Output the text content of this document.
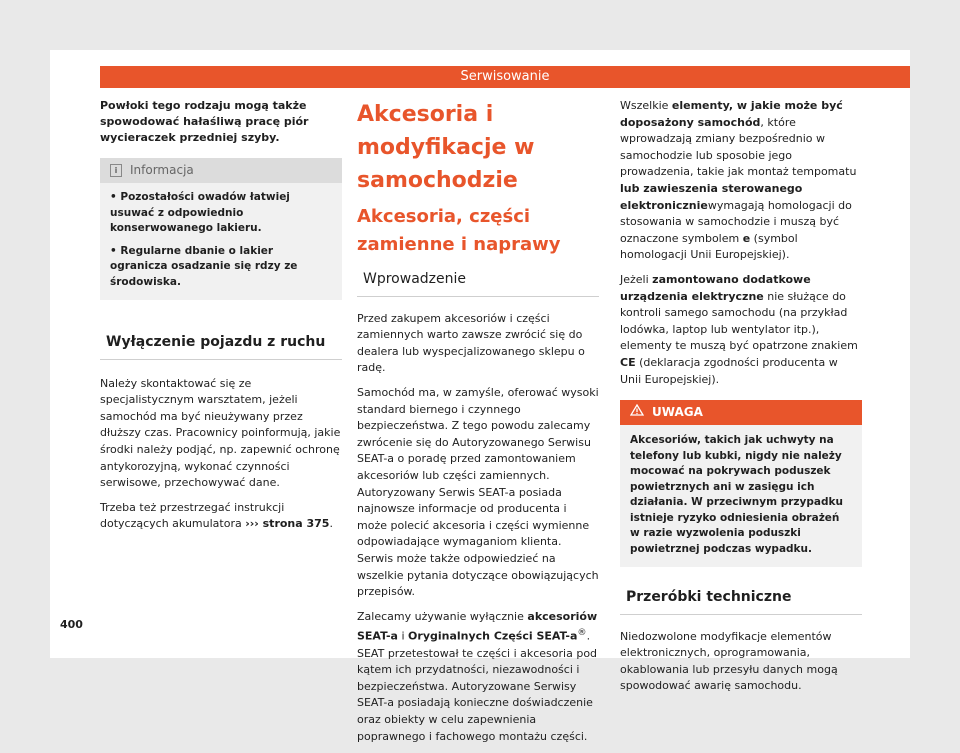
Serwisowanie

Powłoki tego rodzaju mogą także spowodować hałaśliwą pracę piór wycieraczek przedniej szyby.

i	Informacja
• Pozostałości owadów łatwiej usuwać z odpowiednio konserwowanego lakieru.
• Regularne dbanie o lakier ogranicza osadzanie się rdzy ze środowiska.
Wyłączenie pojazdu z ruchu

Należy skontaktować się ze specjalistycznym warsztatem, jeżeli samochód ma być nieużywany przez dłuższy czas. Pracownicy poinformują, jakie środki należy podjąć, np. zapewnić ochronę antykorozyjną, wykonać czynności serwisowe, przechowywać dane.

Trzeba też przestrzegać instrukcji dotyczących akumulatora ››› strona 375.

Akcesoria i modyfikacje w samochodzie
Akcesoria, części zamienne i naprawy
Wprowadzenie

Przed zakupem akcesoriów i części zamiennych warto zawsze zwrócić się do dealera lub wyspecjalizowanego sklepu o radę.

Samochód ma, w zamyśle, oferować wysoki standard biernego i czynnego bezpieczeństwa. Z tego powodu zalecamy zwrócenie się do Autoryzowanego Serwisu SEAT-a o poradę przed zamontowaniem akcesoriów lub części zamiennych. Autoryzowany Serwis SEAT-a posiada najnowsze informacje od producenta i może polecić akcesoria i części wymienne odpowiadające wymaganiom klienta. Serwis może także odpowiedzieć na wszelkie pytania dotyczące obowiązujących przepisów.

Zalecamy używanie wyłącznie akcesoriów SEAT-a i Oryginalnych Części SEAT-a®. SEAT przetestował te części i akcesoria pod kątem ich przydatności, niezawodności i bezpieczeństwa. Autoryzowane Serwisy SEAT-a posiadają konieczne doświadczenie oraz obiekty w celu zapewnienia poprawnego i fachowego montażu części.

Wszelkie elementy, w jakie może być doposażony samochód, które wprowadzają zmiany bezpośrednio w samochodzie lub sposobie jego prowadzenia, takie jak montaż tempomatu lub zawieszenia sterowanego elektroniczniewymagają homologacji do stosowania w samochodzie i muszą być oznaczone symbolem e (symbol homologacji Unii Europejskiej).

Jeżeli zamontowano dodatkowe urządzenia elektryczne nie służące do kontroli samego samochodu (na przykład lodówka, laptop lub wentylator itp.), elementy te muszą być opatrzone znakiem CE (deklaracja zgodności producenta w Unii Europejskiej).

UWAGA
Akcesoriów, takich jak uchwyty na telefony lub kubki, nigdy nie należy mocować na pokrywach poduszek powietrznych ani w zasięgu ich działania. W przeciwnym przypadku istnieje ryzyko odniesienia obrażeń w razie wyzwolenia poduszki powietrznej podczas wypadku.
Przeróbki techniczne

Niedozwolone modyfikacje elementów elektronicznych, oprogramowania, okablowania lub przesyłu danych mogą spowodować awarię samochodu.

400
